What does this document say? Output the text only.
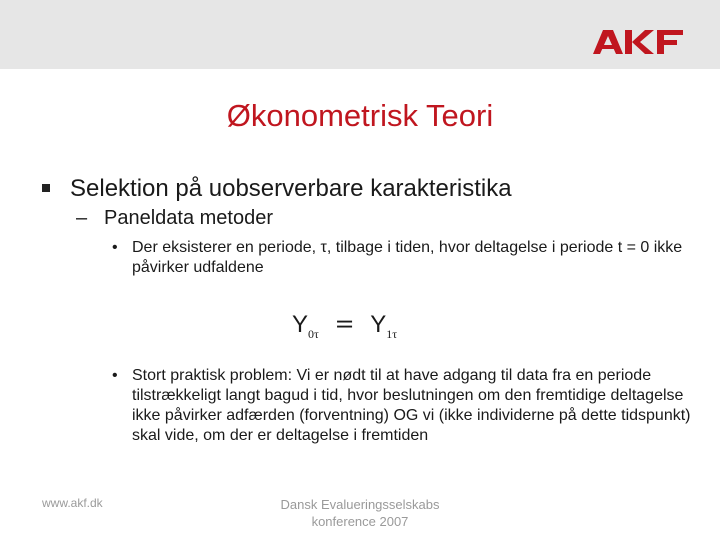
Økonometrisk Teori
Selektion på uobserverbare karakteristika
– Paneldata metoder
• Der eksisterer en periode, τ, tilbage i tiden, hvor deltagelse i periode t = 0 ikke påvirker udfaldene
$Y_{0\tau} = Y_{1\tau}$
• Stort praktisk problem: Vi er nødt til at have adgang til data fra en periode tilstrækkeligt langt bagud i tid, hvor beslutningen om den fremtidige deltagelse ikke påvirker adfærden (forventning) OG vi (ikke individerne på dette tidspunkt) skal vide, om der er deltagelse i fremtiden
www.akf.dk	Dansk Evalueringsselskabs
konference 2007
